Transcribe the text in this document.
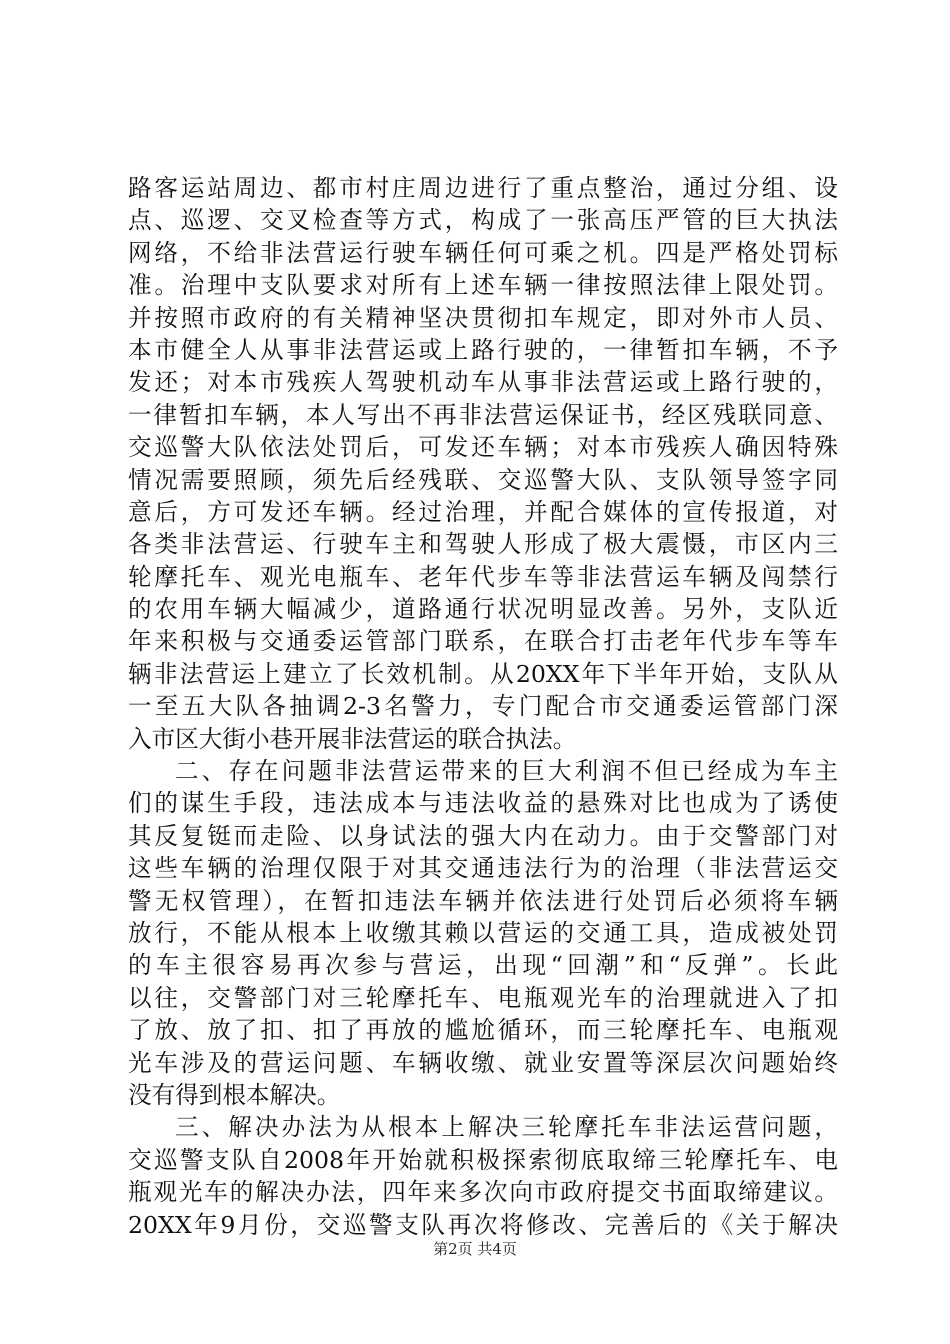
路客运站周边、都市村庄周边进行了重点整治，通过分组、设
点、巡逻、交叉检查等方式，构成了一张高压严管的巨大执法
网络，不给非法营运行驶车辆任何可乘之机。四是严格处罚标
准。治理中支队要求对所有上述车辆一律按照法律上限处罚。
并按照市政府的有关精神坚决贯彻扣车规定，即对外市人员、
本市健全人从事非法营运或上路行驶的，一律暂扣车辆，不予
发还；对本市残疾人驾驶机动车从事非法营运或上路行驶的，
一律暂扣车辆，本人写出不再非法营运保证书，经区残联同意、
交巡警大队依法处罚后，可发还车辆；对本市残疾人确因特殊
情况需要照顾，须先后经残联、交巡警大队、支队领导签字同
意后，方可发还车辆。经过治理，并配合媒体的宣传报道，对
各类非法营运、行驶车主和驾驶人形成了极大震慑，市区内三
轮摩托车、观光电瓶车、老年代步车等非法营运车辆及闯禁行
的农用车辆大幅减少，道路通行状况明显改善。另外，支队近
年来积极与交通委运管部门联系，在联合打击老年代步车等车
辆非法营运上建立了长效机制。从20XX年下半年开始，支队从
一至五大队各抽调2-3名警力，专门配合市交通委运管部门深
入市区大街小巷开展非法营运的联合执法。
二、存在问题非法营运带来的巨大利润不但已经成为车主
们的谋生手段，违法成本与违法收益的悬殊对比也成为了诱使
其反复铤而走险、以身试法的强大内在动力。由于交警部门对
这些车辆的治理仅限于对其交通违法行为的治理（非法营运交
警无权管理），在暂扣违法车辆并依法进行处罚后必须将车辆
放行，不能从根本上收缴其赖以营运的交通工具，造成被处罚
的车主很容易再次参与营运，出现“回潮”和“反弹”。长此
以往，交警部门对三轮摩托车、电瓶观光车的治理就进入了扣
了放、放了扣、扣了再放的尴尬循环，而三轮摩托车、电瓶观
光车涉及的营运问题、车辆收缴、就业安置等深层次问题始终
没有得到根本解决。
三、解决办法为从根本上解决三轮摩托车非法运营问题，
交巡警支队自2008年开始就积极探索彻底取缔三轮摩托车、电
瓶观光车的解决办法，四年来多次向市政府提交书面取缔建议。
20XX年9月份，交巡警支队再次将修改、完善后的《关于解决
第2页 共4页
